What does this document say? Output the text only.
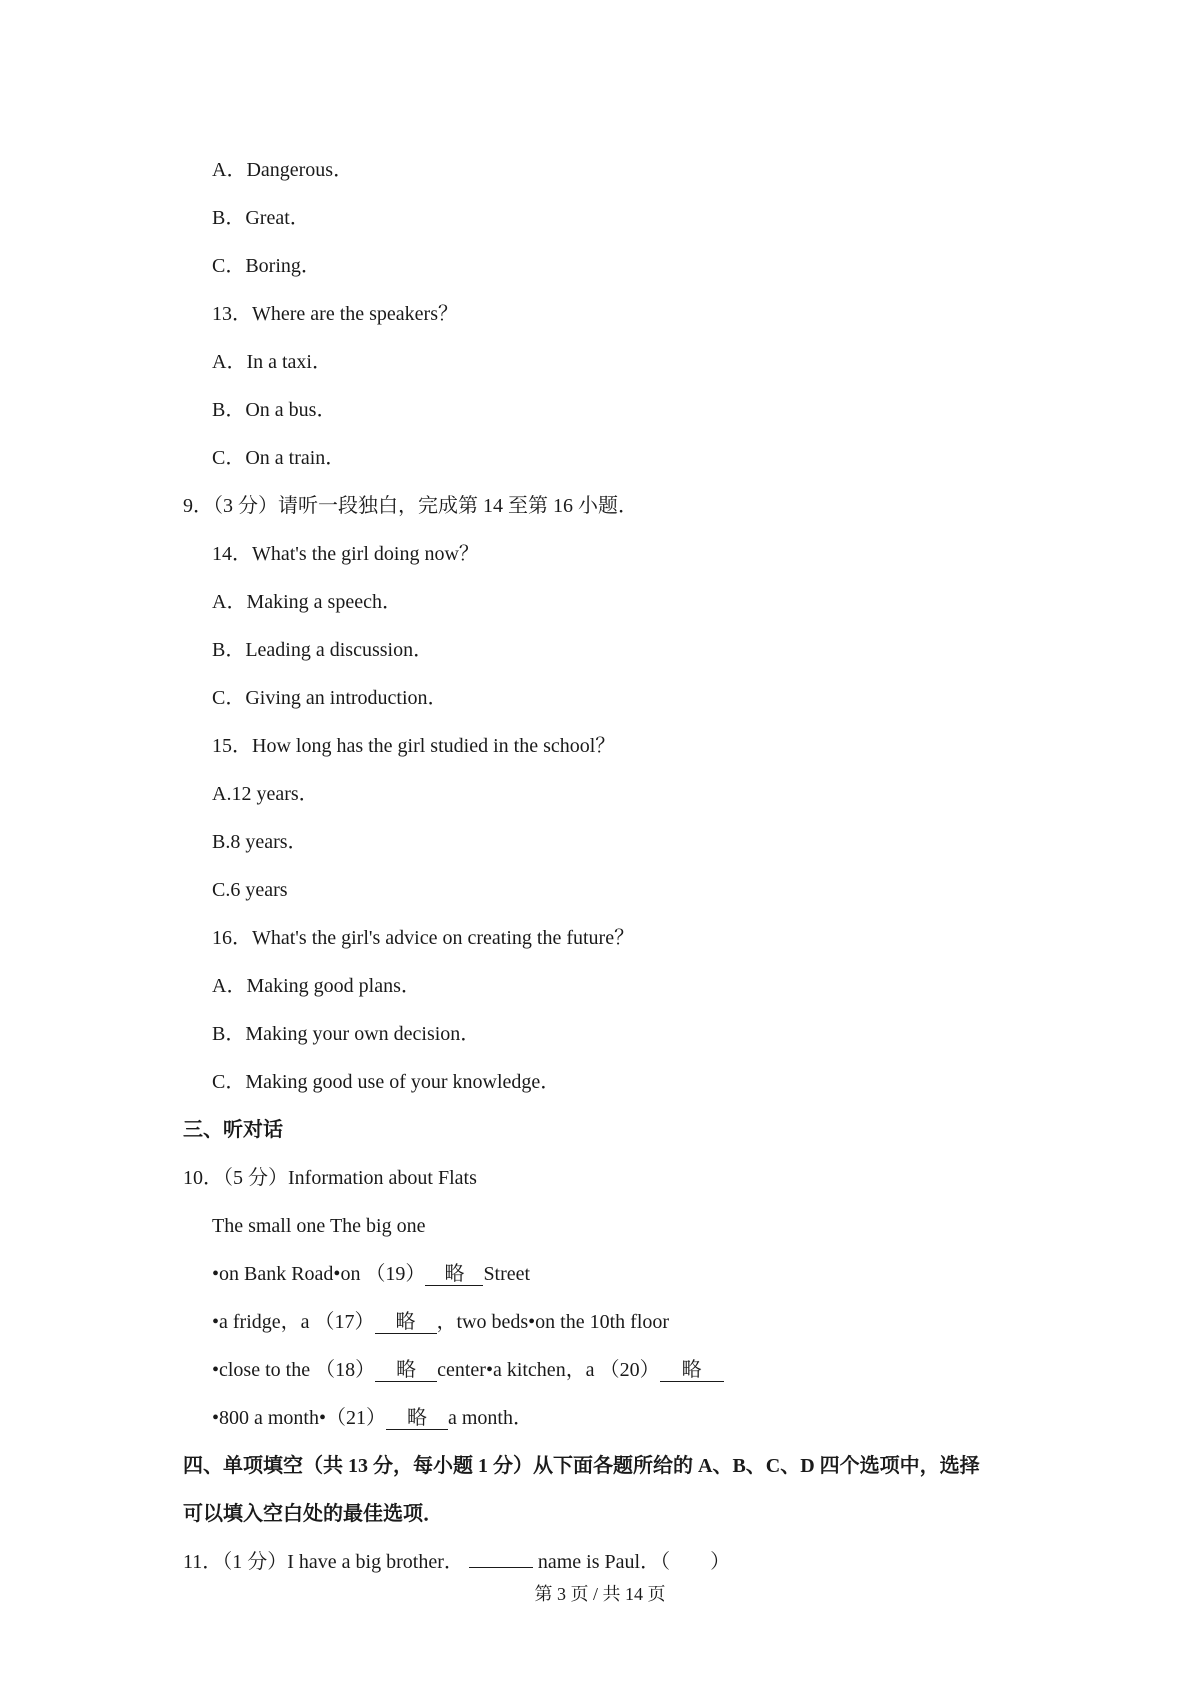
A．Dangerous．
B．Great．
C．Boring．
13．Where are the speakers？
A．In a taxi．
B．On a bus．
C．On a train．
9．（3 分）请听一段独白，完成第 14 至第 16 小题．
14．What's the girl doing now？
A．Making a speech．
B．Leading a discussion．
C．Giving an introduction．
15．How long has the girl studied in the school？
A.12 years．
B.8 years．
C.6 years
16．What's the girl's advice on creating the future？
A．Making good plans．
B．Making your own decision．
C．Making good use of your knowledge．
三、听对话
10．（5 分）Information about Flats
The small one The big one
•on Bank Road•on （19） 略 Street
•a fridge，a （17） 略 ，two beds•on the 10th floor
•close to the （18） 略 center•a kitchen，a （20） 略
•800 a month•（21） 略 a month．
四、单项填空（共 13 分，每小题 1 分）从下面各题所给的 A、B、C、D 四个选项中，选择
可以填入空白处的最佳选项．
11．（1 分）I have a big brother．	name is Paul．（ ）
第 3 页 / 共 14 页
